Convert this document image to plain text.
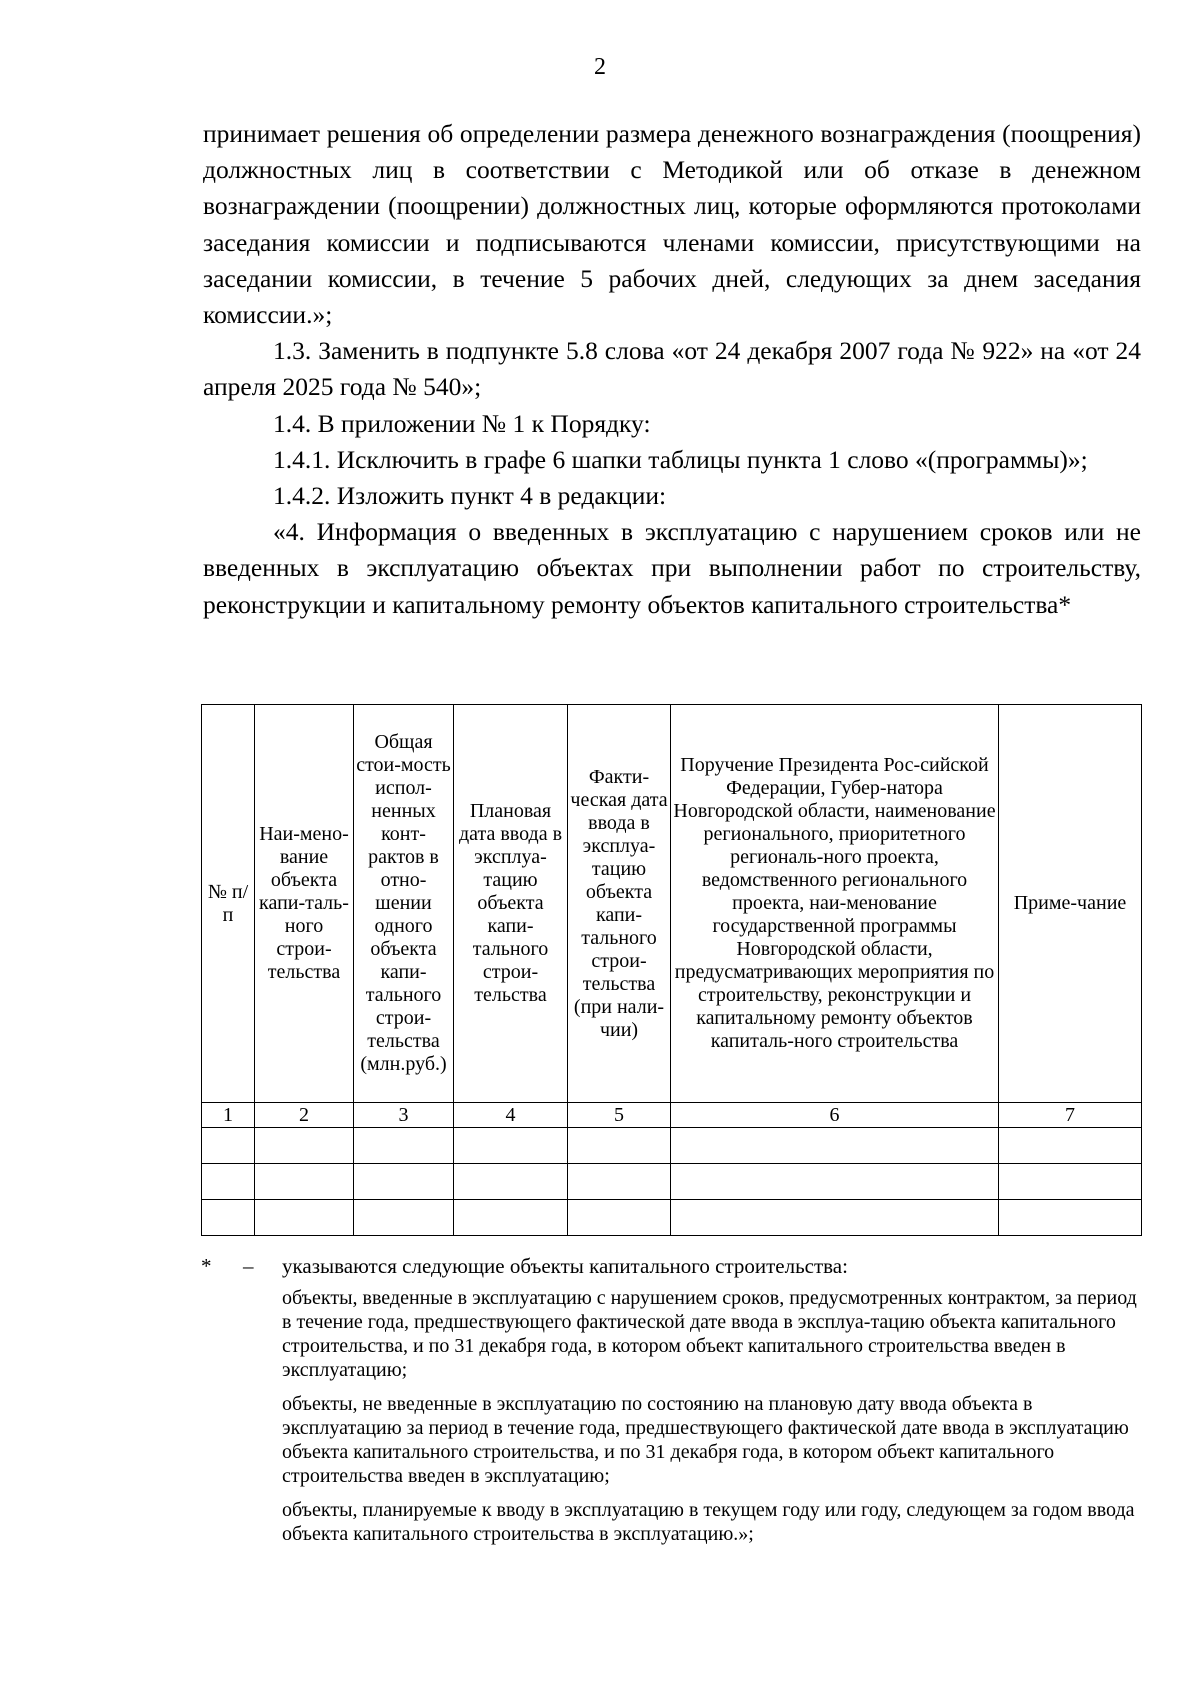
2

принимает решения об определении размера денежного вознаграждения (поощрения) должностных лиц в соответствии с Методикой или об отказе в денежном вознаграждении (поощрении) должностных лиц, которые оформляются протоколами заседания комиссии и подписываются членами комиссии, присутствующими на заседании комиссии, в течение 5 рабочих дней, следующих за днем заседания комиссии.»;

1.3. Заменить в подпункте 5.8 слова «от 24 декабря 2007 года № 922» на «от 24 апреля 2025 года № 540»;

1.4. В приложении № 1 к Порядку:

1.4.1. Исключить в графе 6 шапки таблицы пункта 1 слово «(программы)»;

1.4.2. Изложить пункт 4 в редакции:

«4. Информация о введенных в эксплуатацию с нарушением сроков или не введенных в эксплуатацию объектах при выполнении работ по строительству, реконструкции и капитальному ремонту объектов капитального строительства*

№ п/п	Наи-мено-вание объекта капи-таль-ного строи-тельства	Общая стои-мость испол-ненных конт-рактов в отно-шении одного объекта капи-тального строи-тельства (млн.руб.)	Плановая дата ввода в эксплуа-тацию объекта капи-тального строи-тельства	Факти-ческая дата ввода в эксплуа-тацию объекта капи-тального строи-тельства (при нали-чии)	Поручение Президента Рос-сийской Федерации, Губер-натора Новгородской области, наименование регионального, приоритетного региональ-ного проекта, ведомственного регионального проекта, наи-менование государственной программы Новгородской области, предусматривающих мероприятия по строительству, реконструкции и капитальному ремонту объектов капиталь-ного строительства	Приме-чание
1	2	3	4	5	6	7

* – указываются следующие объекты капитального строительства:

объекты, введенные в эксплуатацию с нарушением сроков, предусмотренных контрактом, за период в течение года, предшествующего фактической дате ввода в эксплуа-тацию объекта капитального строительства, и по 31 декабря года, в котором объект капитального строительства введен в эксплуатацию;

объекты, не введенные в эксплуатацию по состоянию на плановую дату ввода объекта в эксплуатацию за период в течение года, предшествующего фактической дате ввода в эксплуатацию объекта капитального строительства, и по 31 декабря года, в котором объект капитального строительства введен в эксплуатацию;

объекты, планируемые к вводу в эксплуатацию в текущем году или году, следующем за годом ввода объекта капитального строительства в эксплуатацию.»;
